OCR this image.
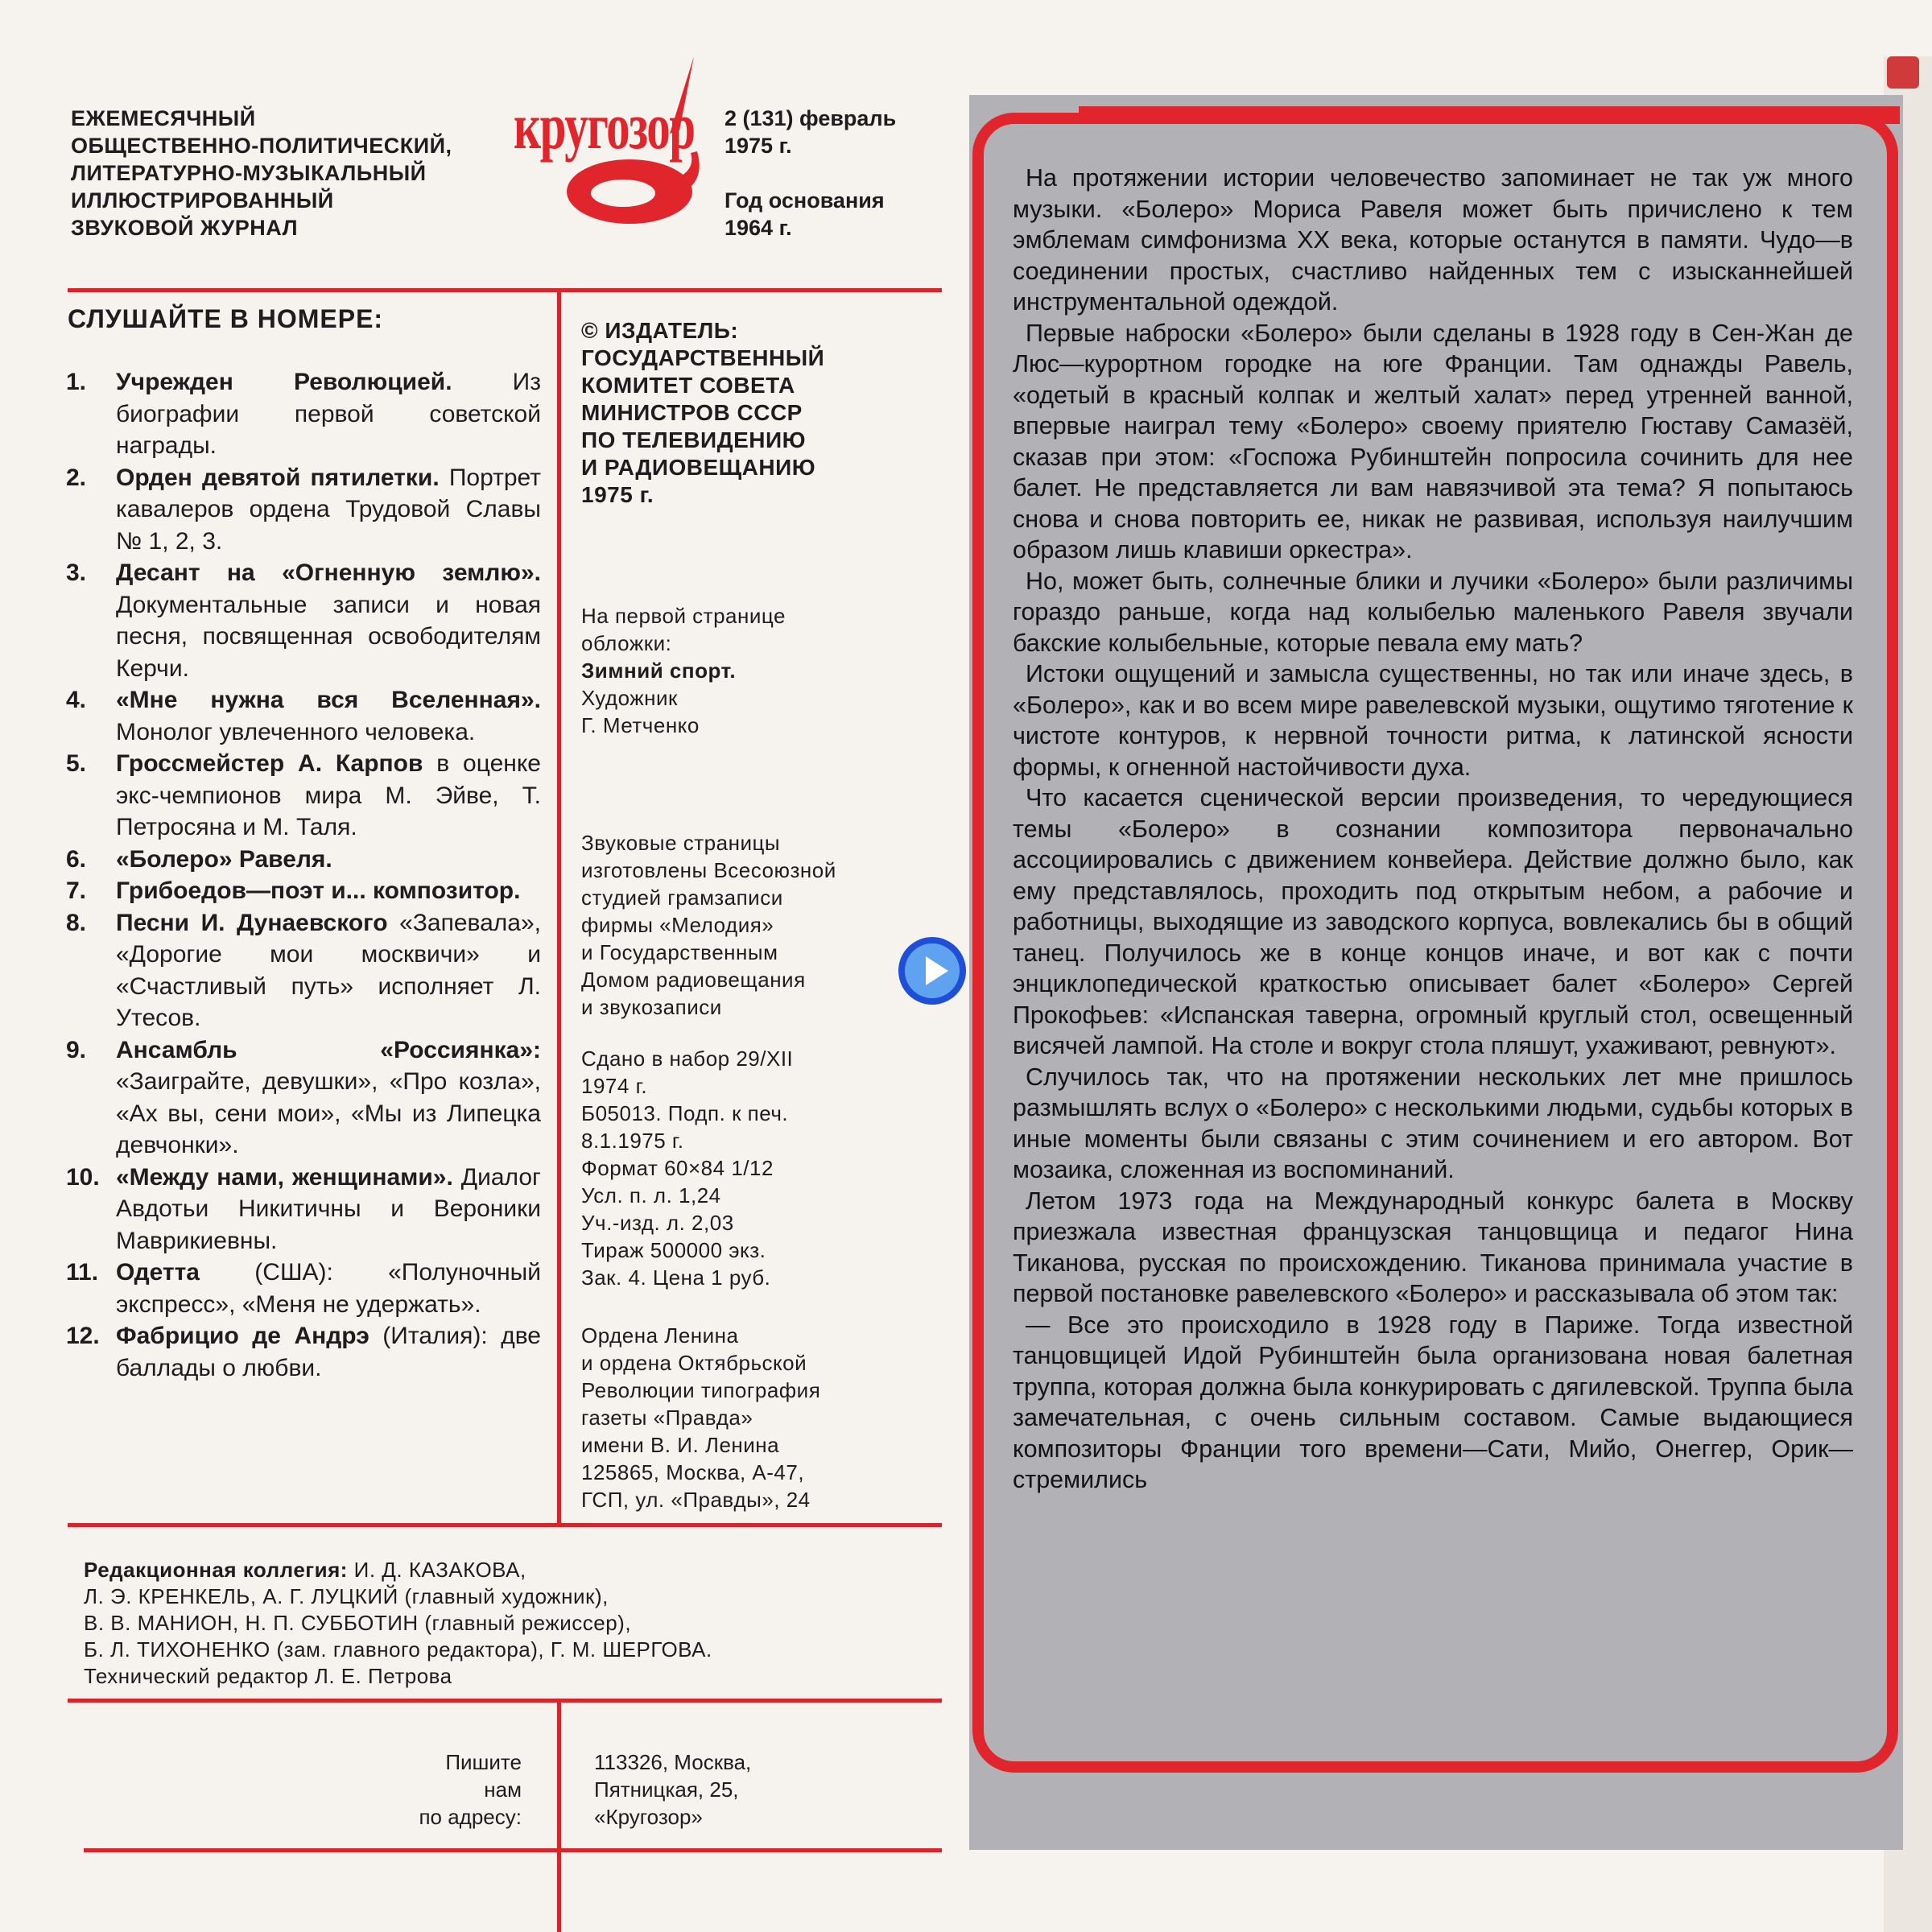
ЕЖЕМЕСЯЧНЫЙ
ОБЩЕСТВЕННО-ПОЛИТИЧЕСКИЙ,
ЛИТЕРАТУРНО-МУЗЫКАЛЬНЫЙ
ИЛЛЮСТРИРОВАННЫЙ
ЗВУКОВОЙ ЖУРНАЛ
кругозор 2 (131) февраль
1975 г.
Год основания
1964 г.
СЛУШАЙТЕ В НОМЕРЕ:
1.	Учрежден Революцией. Из биографии первой советской награды.
2.	Орден девятой пятилетки. Портрет кавалеров ордена Трудовой Славы № 1, 2, 3.
3.	Десант на «Огненную землю». Документальные записи и новая песня, посвященная освободителям Керчи.
4.	«Мне нужна вся Вселенная». Монолог увлеченного человека.
5.	Гроссмейстер А. Карпов в оценке экс-чемпионов мира М. Эйве, Т. Петросяна и М. Таля.
6.	«Болеро» Равеля.
7.	Грибоедов—поэт и... композитор.
8.	Песни И. Дунаевского «Запевала», «Дорогие мои москвичи» и «Счастливый путь» исполняет Л. Утесов.
9.	Ансамбль «Россиянка»: «Заиграйте, девушки», «Про козла», «Ах вы, сени мои», «Мы из Липецка девчонки».
10. «Между нами, женщинами». Диалог Авдотьи Никитичны и Вероники Маврикиевны.
11. Одетта (США): «Полуночный экспресс», «Меня не удержать».
12. Фабрицио де Андрэ (Италия): две баллады о любви.
© ИЗДАТЕЛЬ:
ГОСУДАРСТВЕННЫЙ
КОМИТЕТ СОВЕТА
МИНИСТРОВ СССР
ПО ТЕЛЕВИДЕНИЮ
И РАДИОВЕЩАНИЮ
1975 г.
На первой странице
обложки:
Зимний спорт.
Художник
Г. Метченко
Звуковые страницы
изготовлены Всесоюзной
студией грамзаписи
фирмы «Мелодия»
и Государственным
Домом радиовещания
и звукозаписи
Сдано в набор 29/XII
1974 г.
Б05013. Подп. к печ.
8.1.1975 г.
Формат 60×84 1/12
Усл. п. л. 1,24
Уч.-изд. л. 2,03
Тираж 500000 экз.
Зак. 4. Цена 1 руб.
Ордена Ленина
и ордена Октябрьской
Революции типография
газеты «Правда»
имени В. И. Ленина
125865, Москва, А-47,
ГСП, ул. «Правды», 24
Редакционная коллегия: И. Д. КАЗАКОВА,
Л. Э. КРЕНКЕЛЬ, А. Г. ЛУЦКИЙ (главный художник),
В. В. МАНИОН, Н. П. СУББОТИН (главный режиссер),
Б. Л. ТИХОНЕНКО (зам. главного редактора), Г. М. ШЕРГОВА.
Технический редактор Л. Е. Петрова
Пишите
нам
по адресу:
113326, Москва,
Пятницкая, 25,
«Кругозор»

На протяжении истории человечество запоминает не так уж много музыки. «Болеро» Мориса Равеля может быть причислено к тем эмблемам симфонизма XX века, которые останутся в памяти. Чудо—в соединении простых, счастливо найденных тем с изысканнейшей инструментальной одеждой.

Первые наброски «Болеро» были сделаны в 1928 году в Сен-Жан де Люс—курортном городке на юге Франции. Там однажды Равель, «одетый в красный колпак и желтый халат» перед утренней ванной, впервые наиграл тему «Болеро» своему приятелю Гюставу Самазёй, сказав при этом: «Госпожа Рубинштейн попросила сочинить для нее балет. Не представляется ли вам навязчивой эта тема? Я попытаюсь снова и снова повторить ее, никак не развивая, используя наилучшим образом лишь клавиши оркестра».

Но, может быть, солнечные блики и лучики «Болеро» были различимы гораздо раньше, когда над колыбелью маленького Равеля звучали бакские колыбельные, которые певала ему мать?

Истоки ощущений и замысла существенны, но так или иначе здесь, в «Болеро», как и во всем мире равелевской музыки, ощутимо тяготение к чистоте контуров, к нервной точности ритма, к латинской ясности формы, к огненной настойчивости духа.

Что касается сценической версии произведения, то чередующиеся темы «Болеро» в сознании композитора первоначально ассоциировались с движением конвейера. Действие должно было, как ему представлялось, проходить под открытым небом, а рабочие и работницы, выходящие из заводского корпуса, вовлекались бы в общий танец. Получилось же в конце концов иначе, и вот как с почти энциклопедической краткостью описывает балет «Болеро» Сергей Прокофьев: «Испанская таверна, огромный круглый стол, освещенный висячей лампой. На столе и вокруг стола пляшут, ухаживают, ревнуют».

Случилось так, что на протяжении нескольких лет мне пришлось размышлять вслух о «Болеро» с несколькими людьми, судьбы которых в иные моменты были связаны с этим сочинением и его автором. Вот мозаика, сложенная из воспоминаний.

Летом 1973 года на Международный конкурс балета в Москву приезжала известная французская танцовщица и педагог Нина Тиканова, русская по происхождению. Тиканова принимала участие в первой постановке равелевского «Болеро» и рассказывала об этом так:

— Все это происходило в 1928 году в Париже. Тогда известной танцовщицей Идой Рубинштейн была организована новая балетная труппа, которая должна была конкурировать с дягилевской. Труппа была замечательная, с очень сильным составом. Самые выдающиеся композиторы Франции того времени—Сати, Мийо, Онеггер, Орик—стремились
